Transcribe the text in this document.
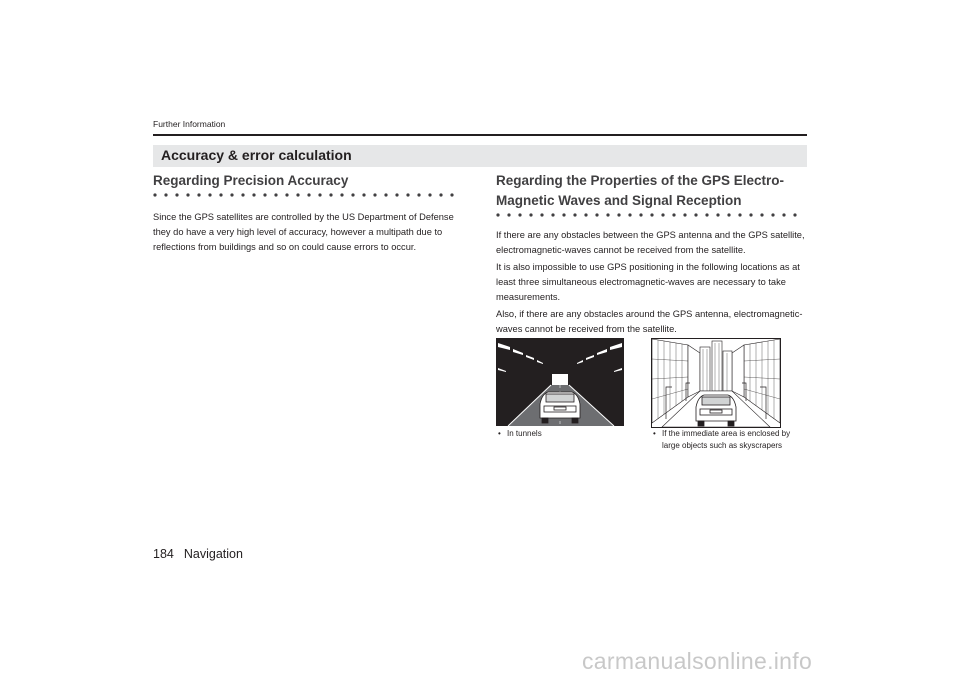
Further Information
Accuracy & error calculation
Regarding Precision Accuracy

Since the GPS satellites are controlled by the US Department of Defense they do have a very high level of accuracy, however a multipath due to reflections from buildings and so on could cause errors to occur.

Regarding the Properties of the GPS Electro-
Magnetic Waves and Signal Reception

If there are any obstacles between the GPS antenna and the GPS satellite, electromagnetic-waves cannot be received from the satellite.

It is also impossible to use GPS positioning in the following locations as at least three simultaneous electromagnetic-waves are necessary to take measurements.

Also, if there are any obstacles around the GPS antenna, electromagnetic-waves cannot be received from the satellite.

• In tunnels	• If the immediate area is enclosed by large objects such as skyscrapers
184 Navigation
carmanualsonline.info
